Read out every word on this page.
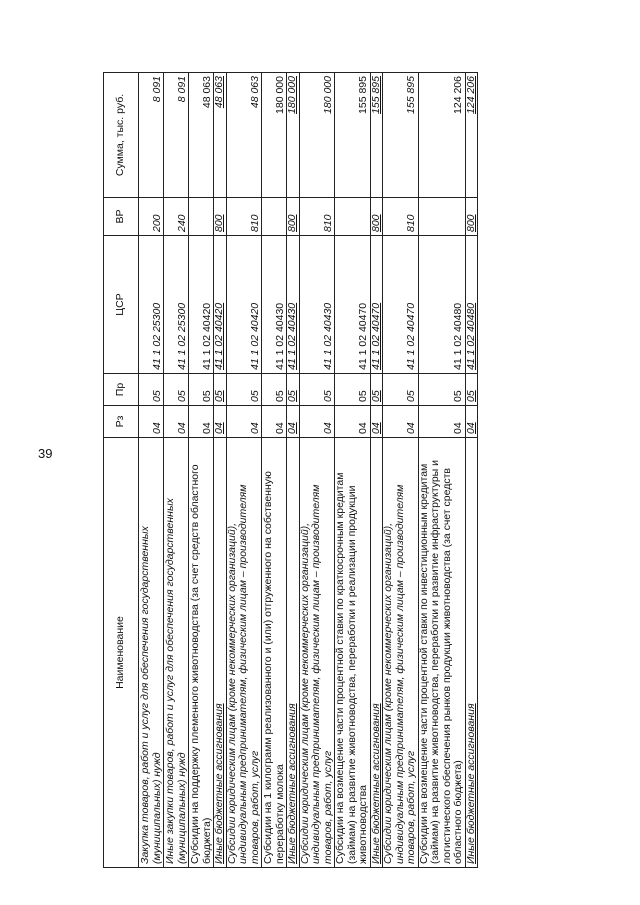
39
Наименование	Рз	Пр	ЦСР	ВР	Сумма, тыс. руб.
Закупка товаров, работ и услуг для обеспечения государственных (муниципальных) нужд	04	05	41 1 02 25300	200	8 091
Иные закупки товаров, работ и услуг для обеспечения государственных (муниципальных) нужд	04	05	41 1 02 25300	240	8 091
Субсидии на поддержку племенного животноводства (за счет средств областного бюджета)	04	05	41 1 02 40420		48 063
Иные бюджетные ассигнования	04	05	41 1 02 40420	800	48 063
Субсидии юридическим лицам (кроме некоммерческих организаций), индивидуальным предпринимателям, физическим лицам – производителям товаров, работ, услуг	04	05	41 1 02 40420	810	48 063
Субсидии на 1 килограмм реализованного и (или) отгруженного на собственную переработку молока	04	05	41 1 02 40430		180 000
Иные бюджетные ассигнования	04	05	41 1 02 40430	800	180 000
Субсидии юридическим лицам (кроме некоммерческих организаций), индивидуальным предпринимателям, физическим лицам – производителям товаров, работ, услуг	04	05	41 1 02 40430	810	180 000
Субсидии на возмещение части процентной ставки по краткосрочным кредитам (займам) на развитие животноводства, переработки и реализации продукции животноводства	04	05	41 1 02 40470		155 895
Иные бюджетные ассигнования	04	05	41 1 02 40470	800	155 895
Субсидии юридическим лицам (кроме некоммерческих организаций), индивидуальным предпринимателям, физическим лицам – производителям товаров, работ, услуг	04	05	41 1 02 40470	810	155 895
Субсидии на возмещение части процентной ставки по инвестиционным кредитам (займам) на развитие животноводства, переработки и развитие инфраструктуры и логистического обеспечения рынков продукции животноводства (за счет средств областного бюджета)	04	05	41 1 02 40480		124 206
Иные бюджетные ассигнования	04	05	41 1 02 40480	800	124 206
